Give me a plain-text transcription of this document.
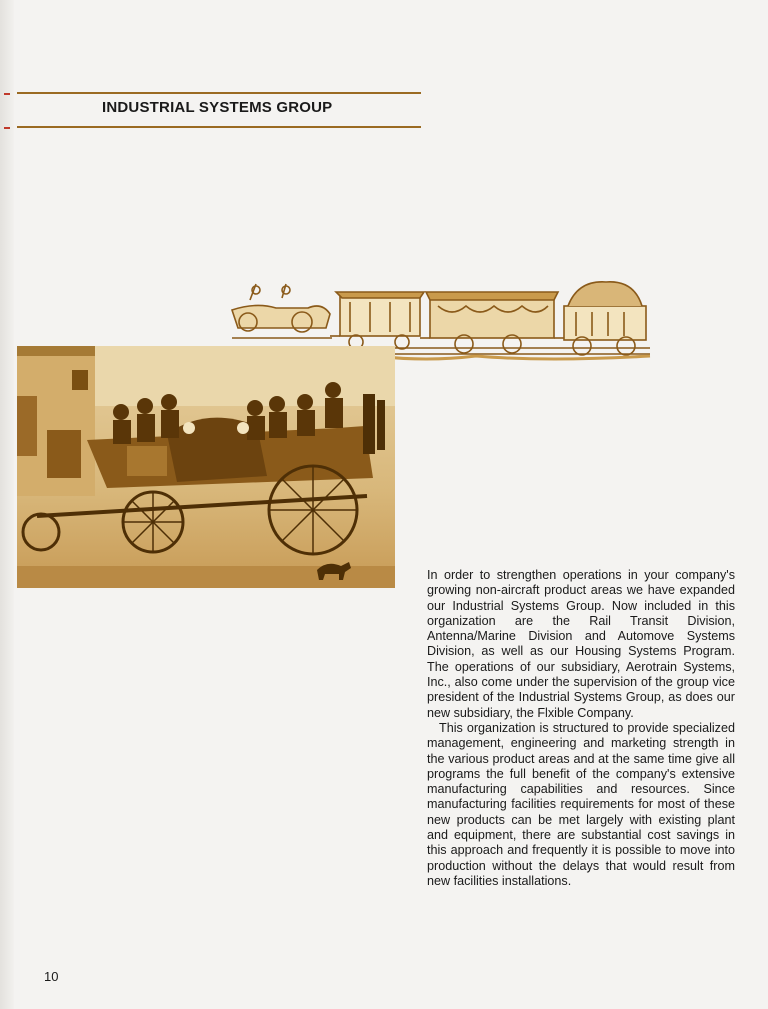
INDUSTRIAL SYSTEMS GROUP

In order to strengthen operations in your company's growing non-aircraft product areas we have expanded our Industrial Systems Group. Now included in this organization are the Rail Transit Division, Antenna/Marine Division and Automove Systems Division, as well as our Housing Systems Program. The operations of our subsidiary, Aerotrain Systems, Inc., also come under the supervision of the group vice president of the Industrial Systems Group, as does our new subsidiary, the Flxible Company.

This organization is structured to provide specialized management, engineering and marketing strength in the various product areas and at the same time give all programs the full benefit of the company's extensive manufacturing capabilities and resources. Since manufacturing facilities requirements for most of these new products can be met largely with existing plant and equipment, there are substantial cost savings in this approach and frequently it is possible to move into production without the delays that would result from new facilities installations.

10
